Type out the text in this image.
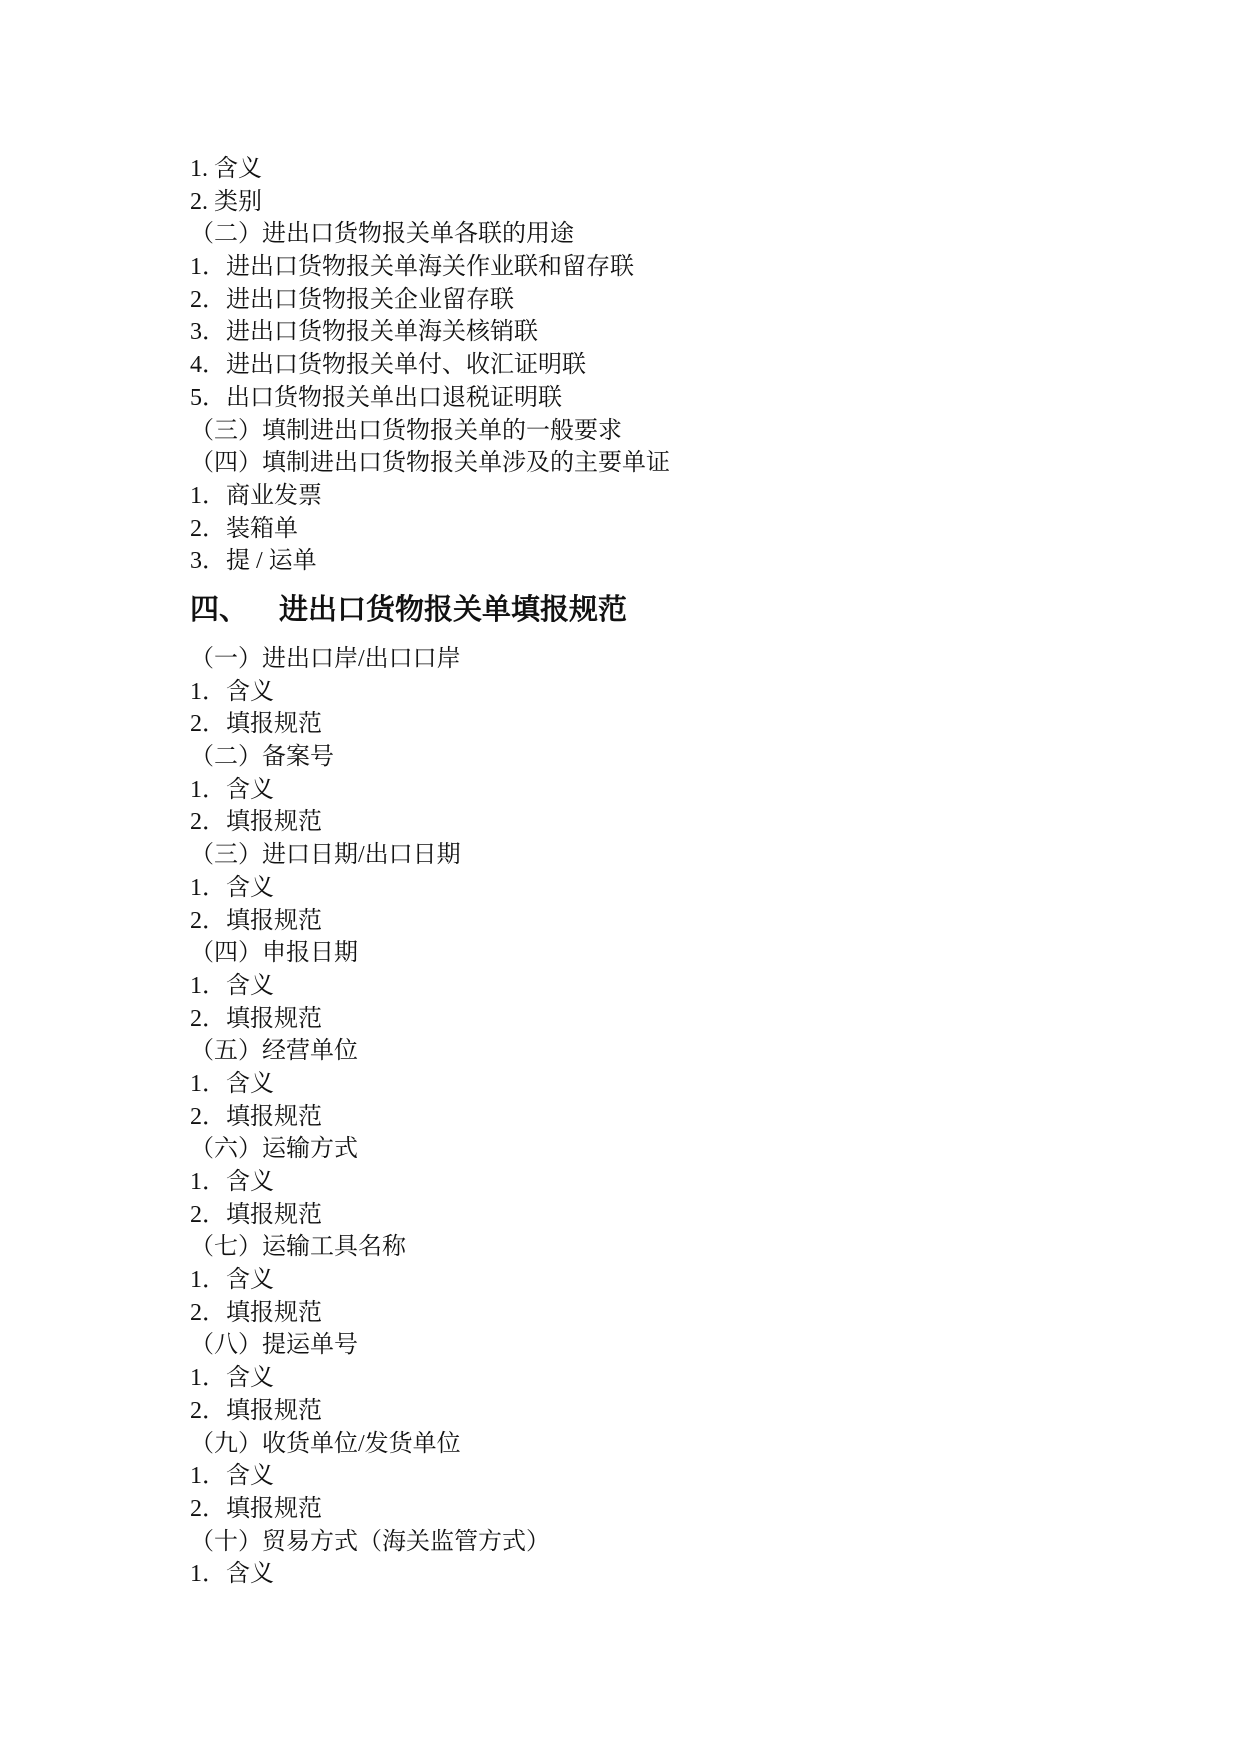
1. 含义
2. 类别
（二）进出口货物报关单各联的用途
1．进出口货物报关单海关作业联和留存联
2．进出口货物报关企业留存联
3．进出口货物报关单海关核销联
4．进出口货物报关单付、收汇证明联
5．出口货物报关单出口退税证明联
（三）填制进出口货物报关单的一般要求
（四）填制进出口货物报关单涉及的主要单证
1．商业发票
2．装箱单
3．提 / 运单
四、 进出口货物报关单填报规范
（一）进出口岸/出口口岸
1．含义
2．填报规范
（二）备案号
1．含义
2．填报规范
（三）进口日期/出口日期
1．含义
2．填报规范
（四）申报日期
1．含义
2．填报规范
（五）经营单位
1．含义
2．填报规范
（六）运输方式
1．含义
2．填报规范
（七）运输工具名称
1．含义
2．填报规范
（八）提运单号
1．含义
2．填报规范
（九）收货单位/发货单位
1．含义
2．填报规范
（十）贸易方式（海关监管方式）
1．含义
